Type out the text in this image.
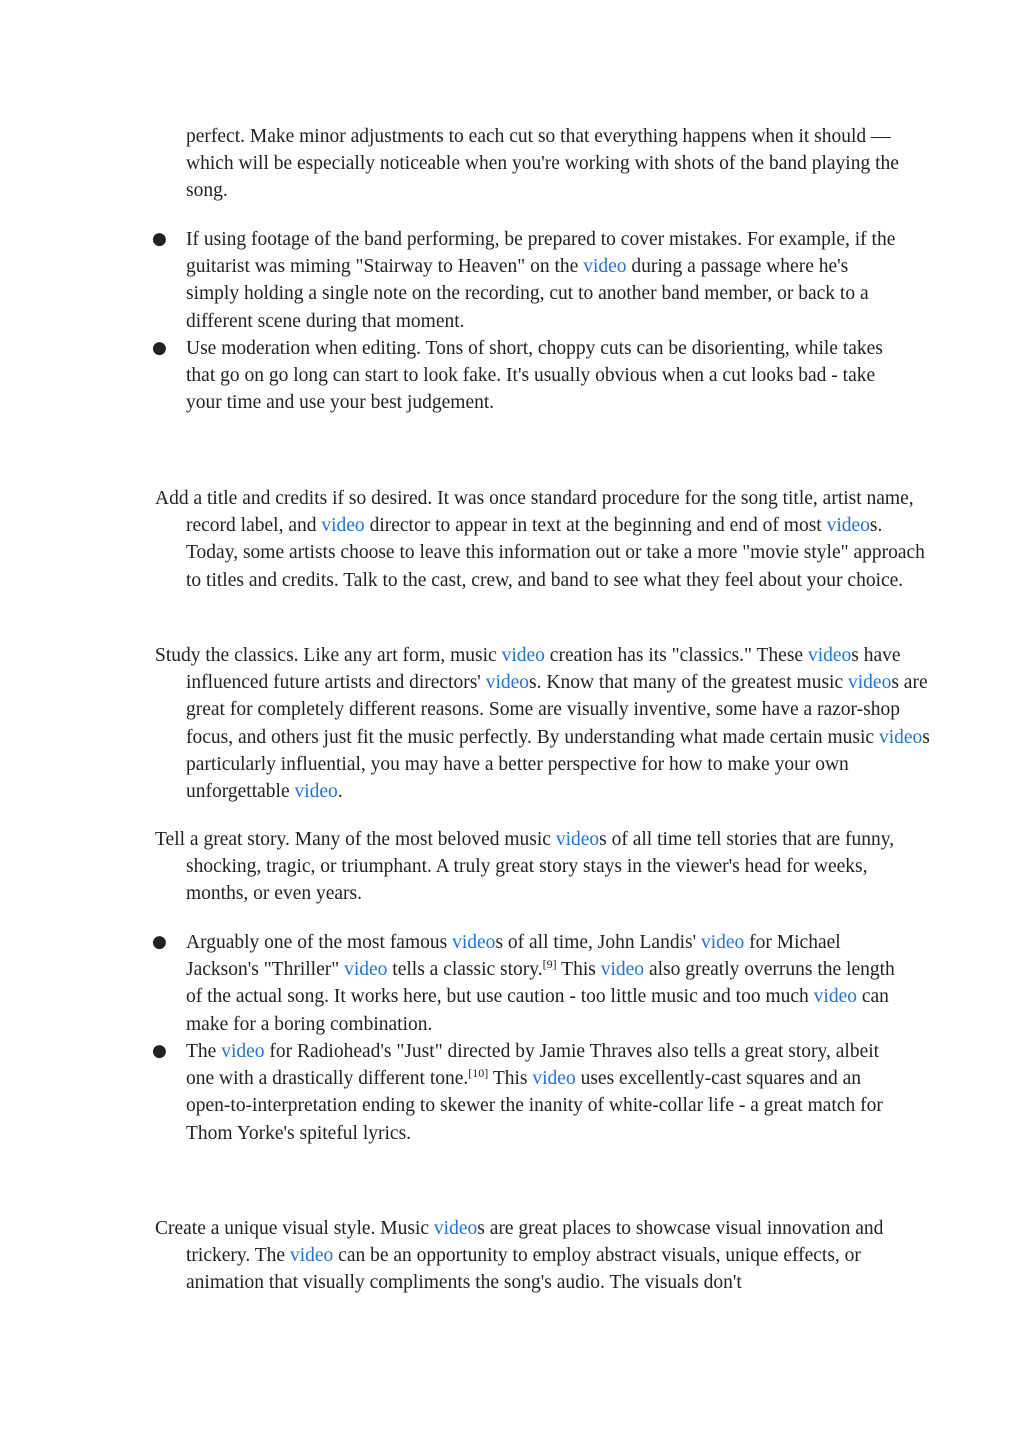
perfect. Make minor adjustments to each cut so that everything happens when it should — which will be especially noticeable when you're working with shots of the band playing the song.

● If using footage of the band performing, be prepared to cover mistakes. For example, if the guitarist was miming "Stairway to Heaven" on the video during a passage where he's simply holding a single note on the recording, cut to another band member, or back to a different scene during that moment.

● Use moderation when editing. Tons of short, choppy cuts can be disorienting, while takes that go on go long can start to look fake. It's usually obvious when a cut looks bad - take your time and use your best judgement.

Add a title and credits if so desired. It was once standard procedure for the song title, artist name, record label, and video director to appear in text at the beginning and end of most videos. Today, some artists choose to leave this information out or take a more "movie style" approach to titles and credits. Talk to the cast, crew, and band to see what they feel about your choice.

Study the classics. Like any art form, music video creation has its "classics." These videos have influenced future artists and directors' videos. Know that many of the greatest music videos are great for completely different reasons. Some are visually inventive, some have a razor-shop focus, and others just fit the music perfectly. By understanding what made certain music videos particularly influential, you may have a better perspective for how to make your own unforgettable video.

Tell a great story. Many of the most beloved music videos of all time tell stories that are funny, shocking, tragic, or triumphant. A truly great story stays in the viewer's head for weeks, months, or even years.

● Arguably one of the most famous videos of all time, John Landis' video for Michael Jackson's "Thriller" video tells a classic story.[9] This video also greatly overruns the length of the actual song. It works here, but use caution - too little music and too much video can make for a boring combination.

● The video for Radiohead's "Just" directed by Jamie Thraves also tells a great story, albeit one with a drastically different tone.[10] This video uses excellently-cast squares and an open-to-interpretation ending to skewer the inanity of white-collar life - a great match for Thom Yorke's spiteful lyrics.

Create a unique visual style. Music videos are great places to showcase visual innovation and trickery. The video can be an opportunity to employ abstract visuals, unique effects, or animation that visually compliments the song's audio. The visuals don't
